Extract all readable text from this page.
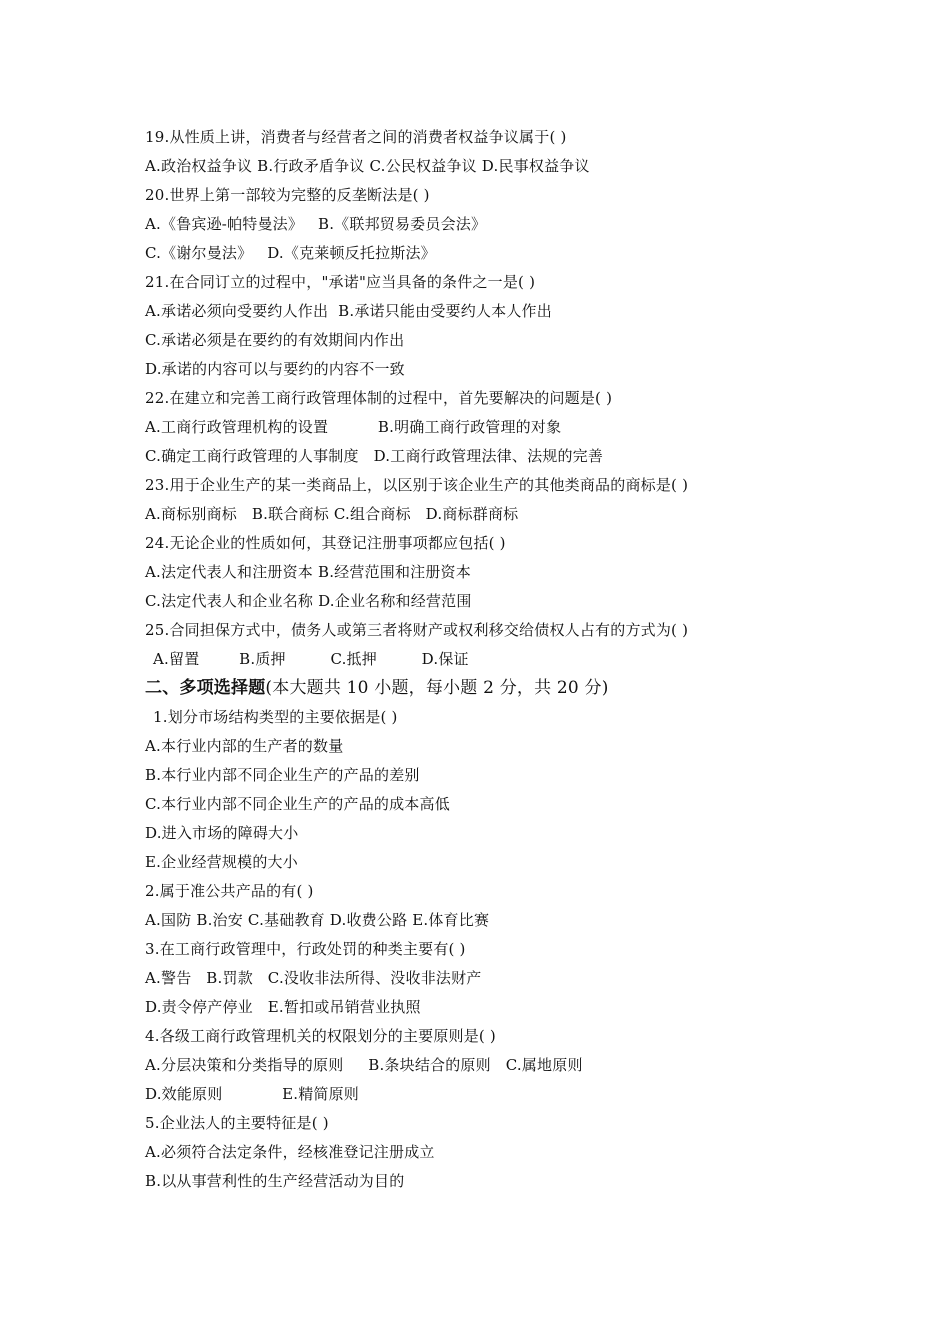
19.从性质上讲，消费者与经营者之间的消费者权益争议属于( )
A.政治权益争议 B.行政矛盾争议 C.公民权益争议 D.民事权益争议
20.世界上第一部较为完整的反垄断法是( )
A.《鲁宾逊-帕特曼法》   B.《联邦贸易委员会法》
C.《谢尔曼法》   D.《克莱顿反托拉斯法》
21.在合同订立的过程中，"承诺"应当具备的条件之一是( )
A.承诺必须向受要约人作出  B.承诺只能由受要约人本人作出
C.承诺必须是在要约的有效期间内作出
D.承诺的内容可以与要约的内容不一致
22.在建立和完善工商行政管理体制的过程中，首先要解决的问题是( )
A.工商行政管理机构的设置          B.明确工商行政管理的对象
C.确定工商行政管理的人事制度   D.工商行政管理法律、法规的完善
23.用于企业生产的某一类商品上，以区别于该企业生产的其他类商品的商标是( )
A.商标别商标   B.联合商标 C.组合商标   D.商标群商标
24.无论企业的性质如何，其登记注册事项都应包括( )
A.法定代表人和注册资本 B.经营范围和注册资本
C.法定代表人和企业名称 D.企业名称和经营范围
25.合同担保方式中，债务人或第三者将财产或权利移交给债权人占有的方式为( )
A.留置        B.质押         C.抵押         D.保证
二、多项选择题(本大题共 10 小题，每小题 2 分，共 20 分)
1.划分市场结构类型的主要依据是( )
A.本行业内部的生产者的数量
B.本行业内部不同企业生产的产品的差别
C.本行业内部不同企业生产的产品的成本高低
D.进入市场的障碍大小
E.企业经营规模的大小
2.属于准公共产品的有( )
A.国防 B.治安 C.基础教育 D.收费公路 E.体育比赛
3.在工商行政管理中，行政处罚的种类主要有( )
A.警告   B.罚款   C.没收非法所得、没收非法财产
D.责令停产停业   E.暂扣或吊销营业执照
4.各级工商行政管理机关的权限划分的主要原则是( )
A.分层决策和分类指导的原则     B.条块结合的原则   C.属地原则
D.效能原则            E.精简原则
5.企业法人的主要特征是( )
A.必须符合法定条件，经核准登记注册成立
B.以从事营利性的生产经营活动为目的
